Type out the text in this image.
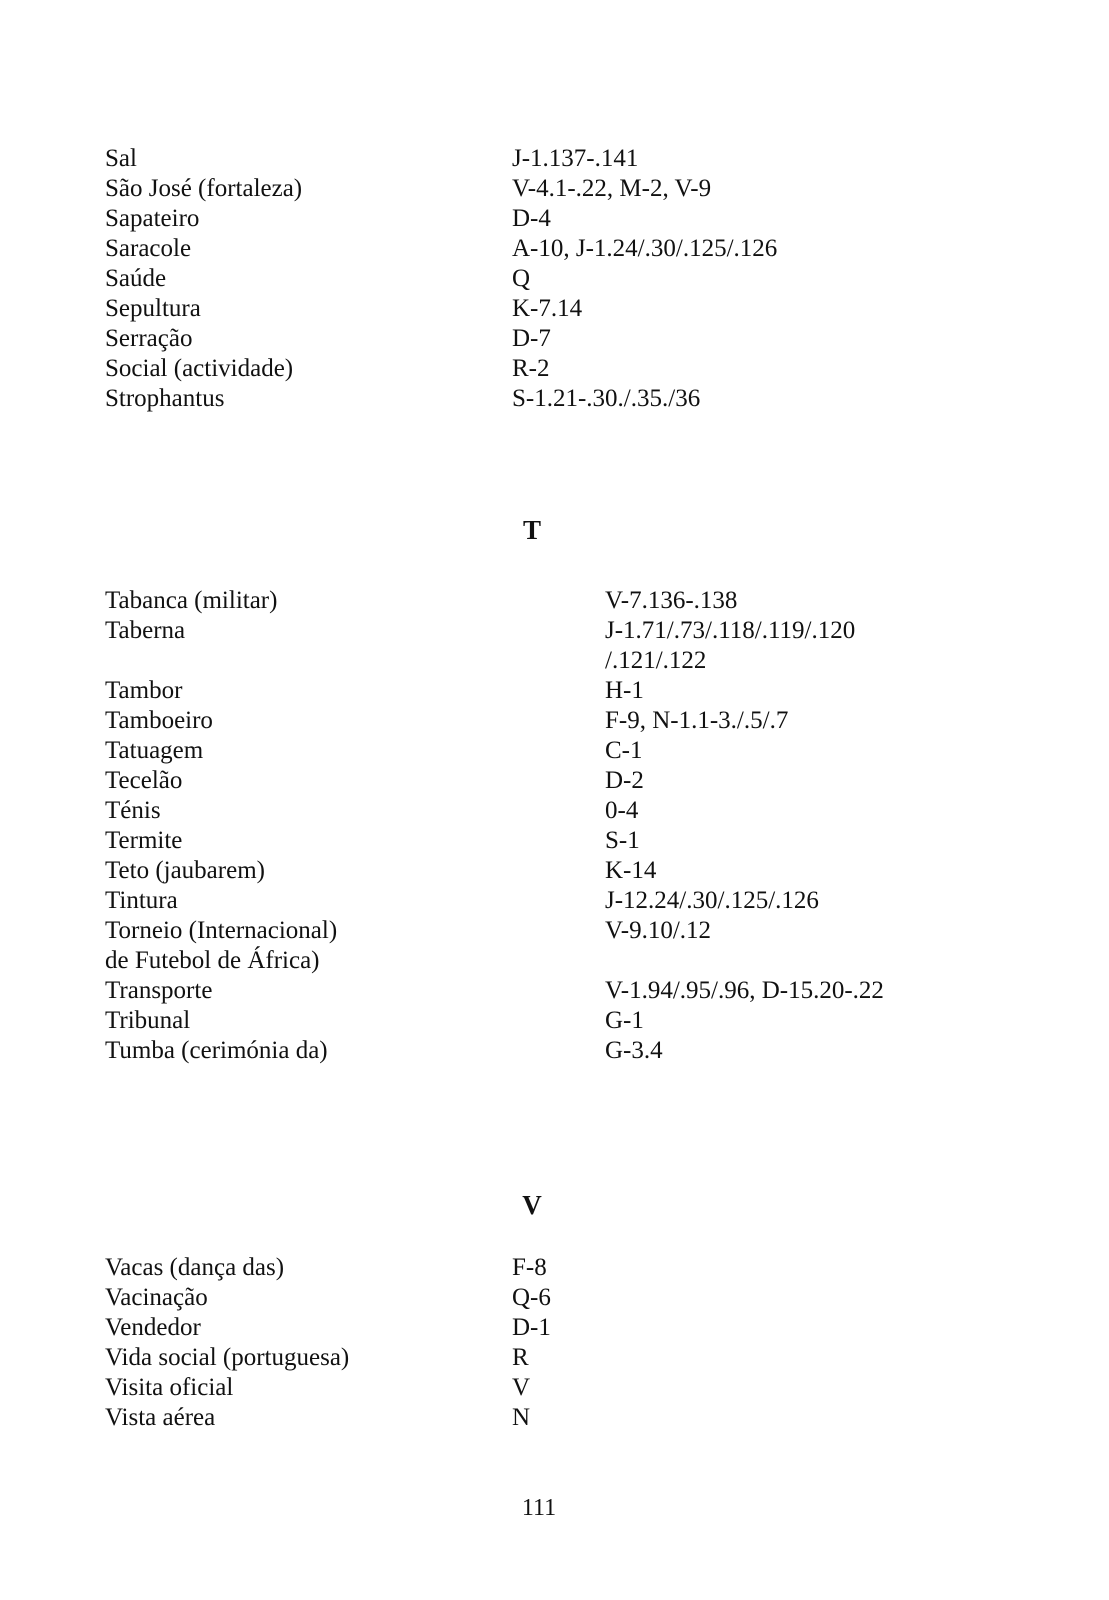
Sal	J-1.137-.141
São José (fortaleza)	V-4.1-.22, M-2, V-9
Sapateiro	D-4
Saracole	A-10, J-1.24/.30/.125/.126
Saúde	Q
Sepultura	K-7.14
Serração	D-7
Social (actividade)	R-2
Strophantus	S-1.21-.30./.35./36
T
Tabanca (militar)	V-7.136-.138
Taberna	J-1.71/.73/.118/.119/.120
/.121/.122
Tambor	H-1
Tamboeiro	F-9, N-1.1-3./.5/.7
Tatuagem	C-1
Tecelão	D-2
Ténis	0-4
Termite	S-1
Teto (jaubarem)	K-14
Tintura	J-12.24/.30/.125/.126
Torneio (Internacional)	V-9.10/.12
de Futebol de África)
Transporte	V-1.94/.95/.96, D-15.20-.22
Tribunal	G-1
Tumba (cerimónia da)	G-3.4
V
Vacas (dança das)	F-8
Vacinação	Q-6
Vendedor	D-1
Vida social (portuguesa)	R
Visita oficial	V
Vista aérea	N
111
